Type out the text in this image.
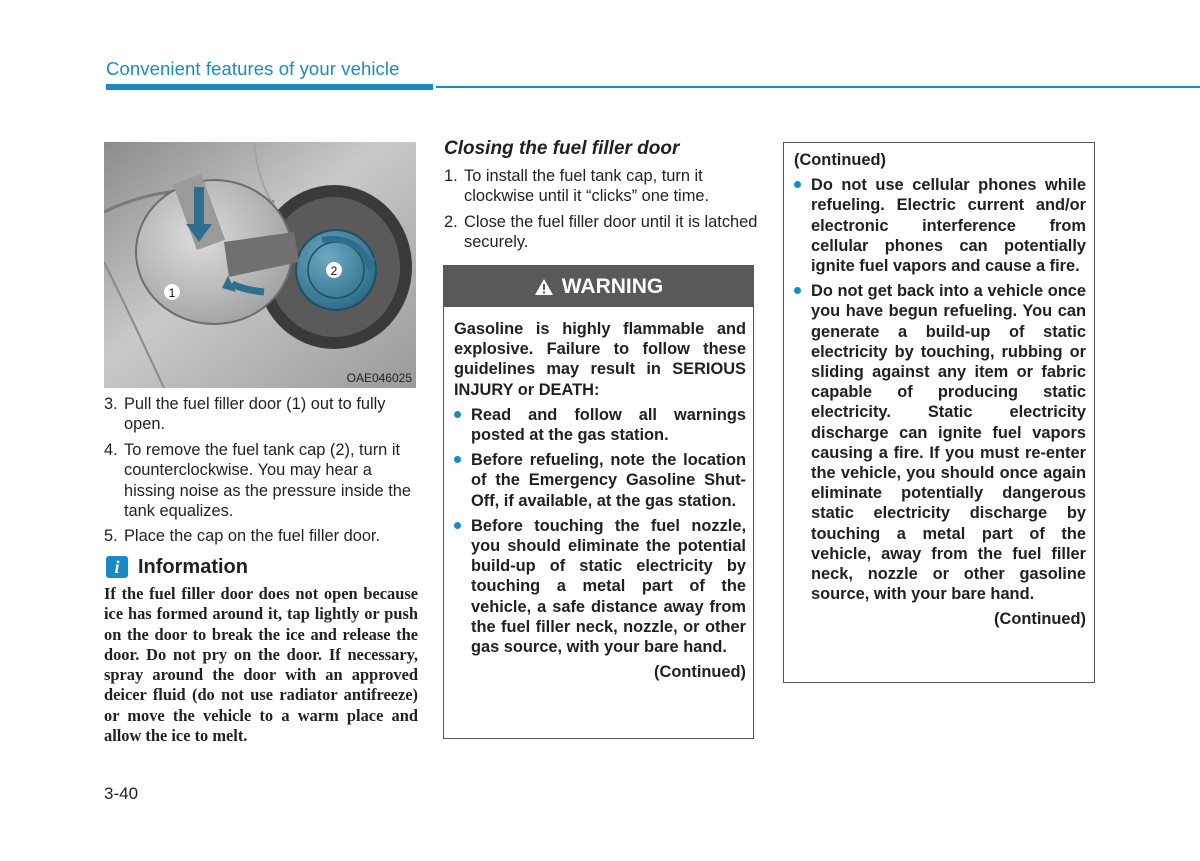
Convenient features of your vehicle
1
2
OAE046025
3. Pull the fuel filler door (1) out to fully open.
4. To remove the fuel tank cap (2), turn it counterclockwise. You may hear a hissing noise as the pressure inside the tank equalizes.
5. Place the cap on the fuel filler door.
i Information
If the fuel filler door does not open because ice has formed around it, tap lightly or push on the door to break the ice and release the door. Do not pry on the door. If necessary, spray around the door with an approved deicer fluid (do not use radiator antifreeze) or move the vehicle to a warm place and allow the ice to melt.
3-40
Closing the fuel filler door
1. To install the fuel tank cap, turn it clockwise until it “clicks” one time.
2. Close the fuel filler door until it is latched securely.
WARNING
Gasoline is highly flammable and explosive. Failure to follow these guidelines may result in SERIOUS INJURY or DEATH:
Read and follow all warnings posted at the gas station.
Before refueling, note the location of the Emergency Gasoline Shut-Off, if available, at the gas station.
Before touching the fuel nozzle, you should eliminate the potential build-up of static electricity by touching a metal part of the vehicle, a safe distance away from the fuel filler neck, nozzle, or other gas source, with your bare hand.
(Continued)
(Continued)
Do not use cellular phones while refueling. Electric current and/or electronic interference from cellular phones can potentially ignite fuel vapors and cause a fire.
Do not get back into a vehicle once you have begun refueling. You can generate a build-up of static electricity by touching, rubbing or sliding against any item or fabric capable of producing static electricity. Static electricity discharge can ignite fuel vapors causing a fire. If you must re-enter the vehicle, you should once again eliminate potentially dangerous static electricity discharge by touching a metal part of the vehicle, away from the fuel filler neck, nozzle or other gasoline source, with your bare hand.
(Continued)
